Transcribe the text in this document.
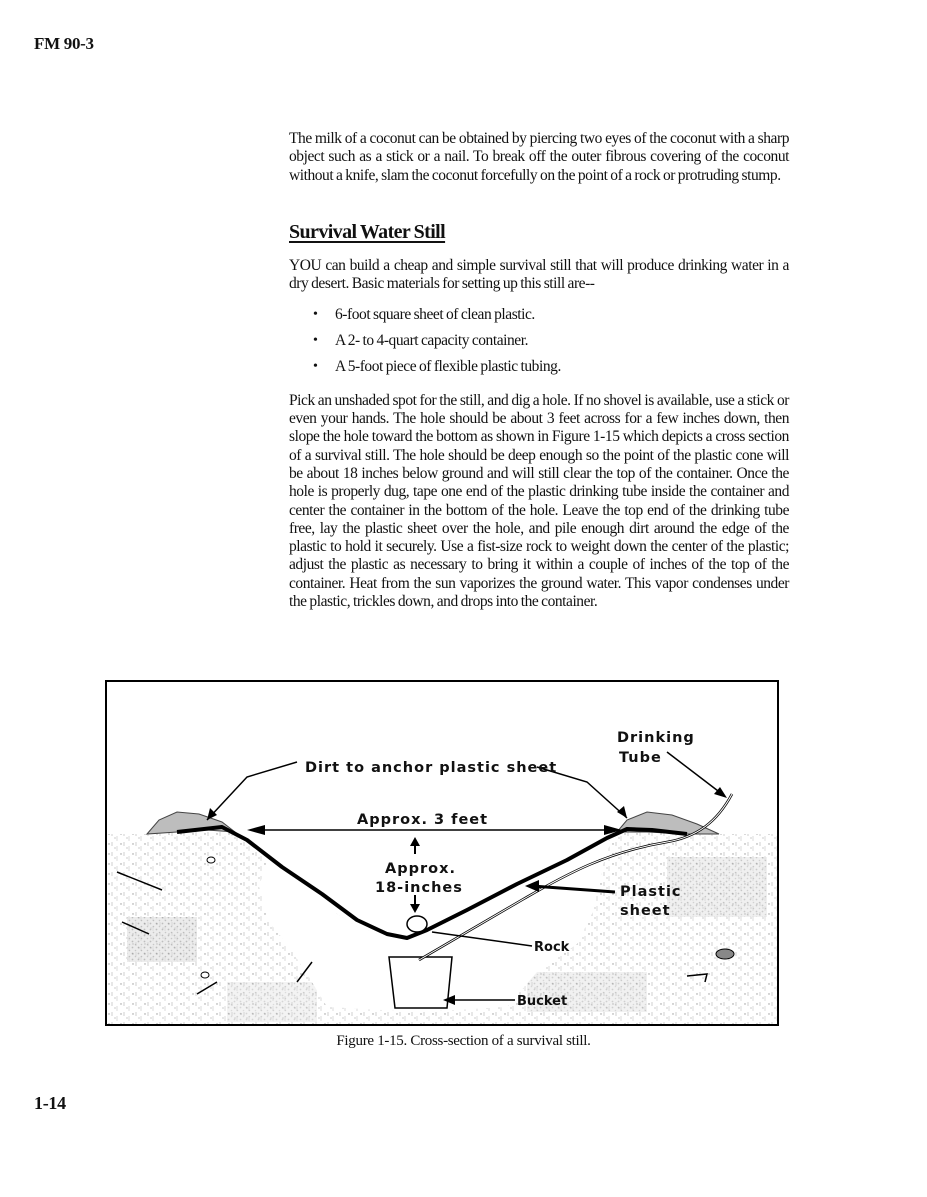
FM 90-3

The milk of a coconut can be obtained by piercing two eyes of the coconut with a sharp object such as a stick or a nail. To break off the outer fibrous covering of the coconut without a knife, slam the coconut forcefully on the point of a rock or protruding stump.

Survival Water Still

YOU can build a cheap and simple survival still that will produce drinking water in a dry desert. Basic materials for setting up this still are--

• 6-foot square sheet of clean plastic.
• A 2- to 4-quart capacity container.
• A 5-foot piece of flexible plastic tubing.

Pick an unshaded spot for the still, and dig a hole. If no shovel is available, use a stick or even your hands. The hole should be about 3 feet across for a few inches down, then slope the hole toward the bottom as shown in Figure 1-15 which depicts a cross section of a survival still. The hole should be deep enough so the point of the plastic cone will be about 18 inches below ground and will still clear the top of the container. Once the hole is properly dug, tape one end of the plastic drinking tube inside the container and center the container in the bottom of the hole. Leave the top end of the drinking tube free, lay the plastic sheet over the hole, and pile enough dirt around the edge of the plastic to hold it securely. Use a fist-size rock to weight down the center of the plastic; adjust the plastic as necessary to bring it within a couple of inches of the top of the container. Heat from the sun vaporizes the ground water. This vapor condenses under the plastic, trickles down, and drops into the container.

Dirt to anchor plastic sheet
Drinking
Tube
Approx. 3 feet
Approx.
18-inches	Plastic
sheet
Rock
Bucket
Figure 1-15. Cross-section of a survival still.
1-14
